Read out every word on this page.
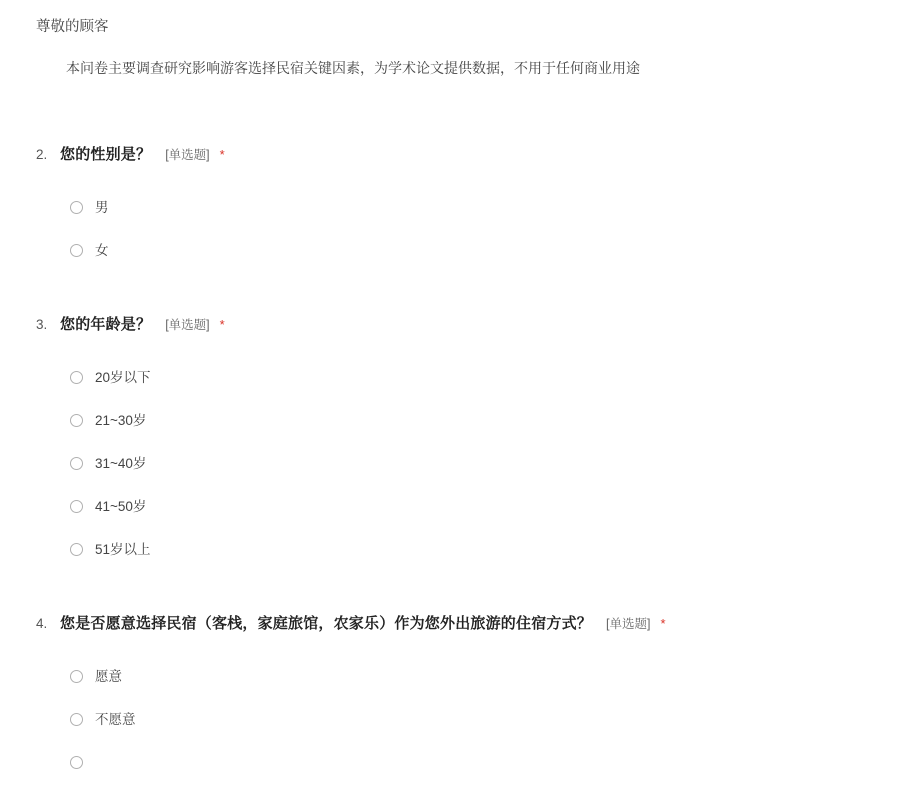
尊敬的顾客
本问卷主要调查研究影响游客选择民宿关键因素，为学术论文提供数据，不用于任何商业用途
2. 您的性别是？ [单选题] *
男
女
3. 您的年龄是？ [单选题] *
20岁以下
21~30岁
31~40岁
41~50岁
51岁以上
4. 您是否愿意选择民宿（客栈，家庭旅馆，农家乐）作为您外出旅游的住宿方式？ [单选题] *
愿意
不愿意
